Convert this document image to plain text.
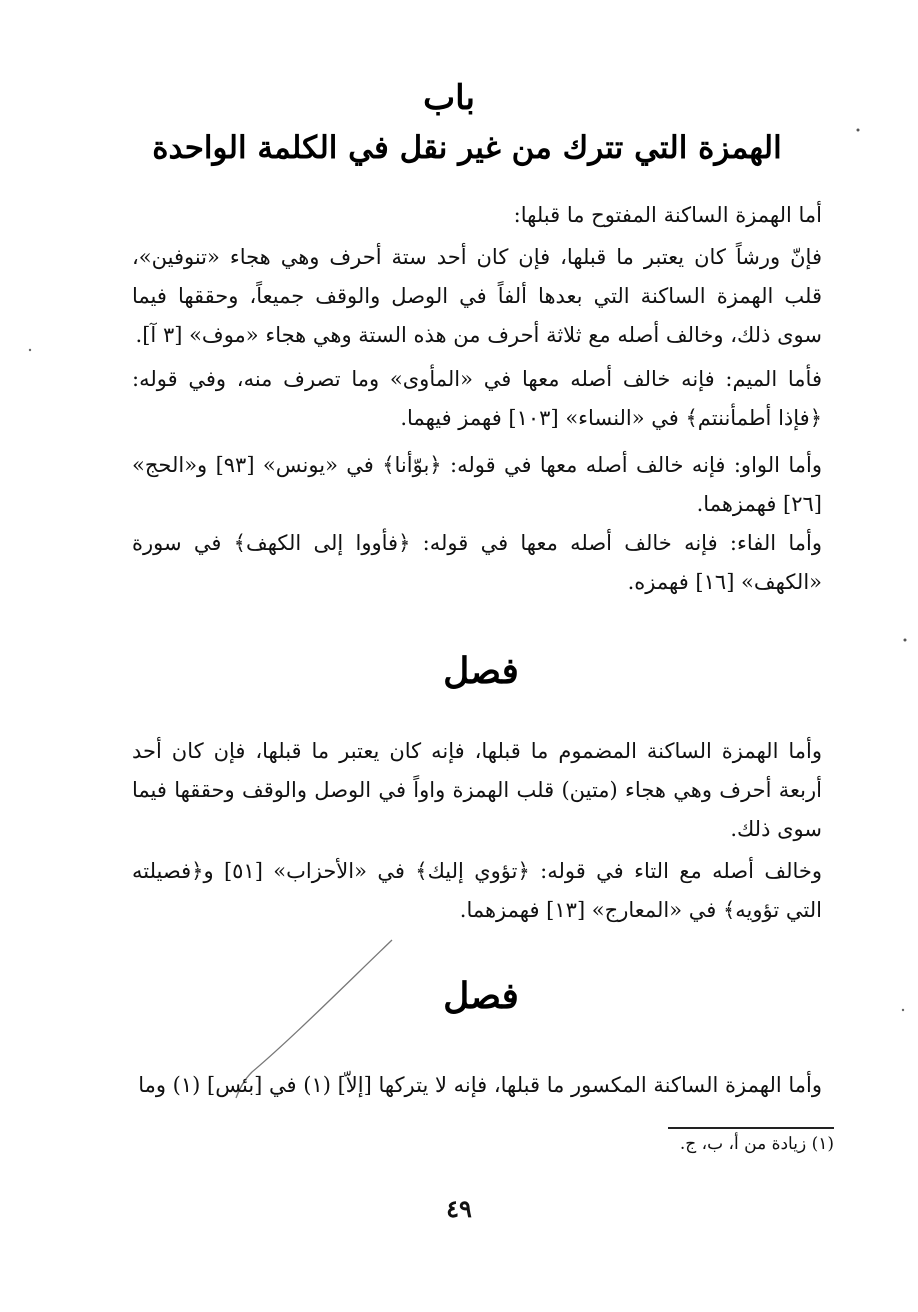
باب
الهمزة التي تترك من غير نقل في الكلمة الواحدة

أما الهمزة الساكنة المفتوح ما قبلها:

فإنّ ورشاً كان يعتبر ما قبلها، فإن كان أحد ستة أحرف وهي هجاء «تنوفين»، قلب الهمزة الساكنة التي بعدها ألفاً في الوصل والوقف جميعاً، وحققها فيما سوى ذلك، وخالف أصله مع ثلاثة أحرف من هذه الستة وهي هجاء «موف» [٣ آ].

فأما الميم: فإنه خالف أصله معها في «المأوى» وما تصرف منه، وفي قوله: ﴿فإذا أطمأننتم﴾ في «النساء» [١٠٣] فهمز فيهما.

وأما الواو: فإنه خالف أصله معها في قوله: ﴿بوّأنا﴾ في «يونس» [٩٣] و«الحج» [٢٦] فهمزهما.

وأما الفاء: فإنه خالف أصله معها في قوله: ﴿فأووا إلى الكهف﴾ في سورة «الكهف» [١٦] فهمزه.

فصل

وأما الهمزة الساكنة المضموم ما قبلها، فإنه كان يعتبر ما قبلها، فإن كان أحد أربعة أحرف وهي هجاء (متين) قلب الهمزة واواً في الوصل والوقف وحققها فيما سوى ذلك.

وخالف أصله مع التاء في قوله: ﴿تؤوي إليك﴾ في «الأحزاب» [٥١] و﴿فصيلته التي تؤويه﴾ في «المعارج» [١٣] فهمزهما.

فصل

وأما الهمزة الساكنة المكسور ما قبلها، فإنه لا يتركها [إلاّ] (١) في [بئس] (١) وما

(١) زيادة من أ، ب، ج.
٤٩
